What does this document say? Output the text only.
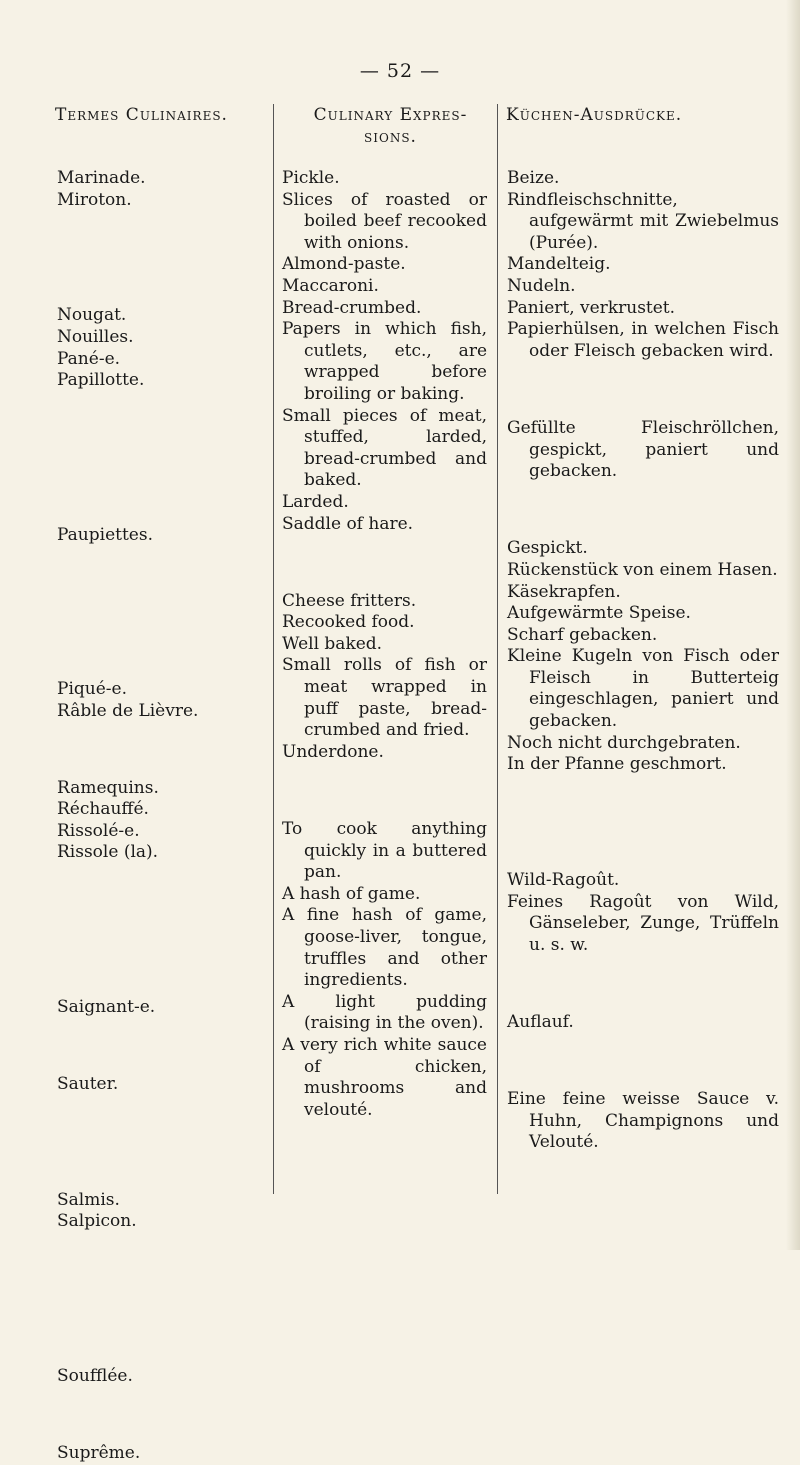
— 52 —
Termes Culinaires.	Culinary Expres-
sions.
Küchen-Ausdrücke.

Marinade.

Miroton.

Nougat.

Nouilles.

Pané-e.

Papillotte.

Paupiettes.

Piqué-e.

Râble de Lièvre.

Ramequins.

Réchauffé.

Rissolé-e.

Rissole (la).

Saignant-e.

Sauter.

Salmis.

Salpicon.

Soufflée.

Suprême.

Pickle.

Slices of roasted or boiled beef recooked with onions.

Almond-paste.

Maccaroni.

Bread-crumbed.

Papers in which fish, cutlets, etc., are wrapped before broiling or baking.

Small pieces of meat, stuffed, larded, bread-crumbed and baked.

Larded.

Saddle of hare.

Cheese fritters.

Recooked food.

Well baked.

Small rolls of fish or meat wrapped in puff paste, bread-crumbed and fried.

Underdone.

To cook anything quickly in a buttered pan.

A hash of game.

A fine hash of game, goose-liver, tongue, truffles and other ingredients.

A light pudding (raising in the oven).

A very rich white sauce of chicken, mushrooms and velouté.

Beize.

Rindfleischschnitte, aufgewärmt mit Zwiebelmus (Purée).

Mandelteig.

Nudeln.

Paniert, verkrustet.

Papierhülsen, in welchen Fisch oder Fleisch gebacken wird.

Gefüllte Fleischröllchen, gespickt, paniert und gebacken.

Gespickt.

Rückenstück von einem Hasen.

Käsekrapfen.

Aufgewärmte Speise.

Scharf gebacken.

Kleine Kugeln von Fisch oder Fleisch in Butterteig eingeschlagen, paniert und gebacken.

Noch nicht durchgebraten.

In der Pfanne geschmort.

Wild-Ragoût.

Feines Ragoût von Wild, Gänseleber, Zunge, Trüffeln u. s. w.

Auflauf.

Eine feine weisse Sauce v. Huhn, Champignons und Velouté.
